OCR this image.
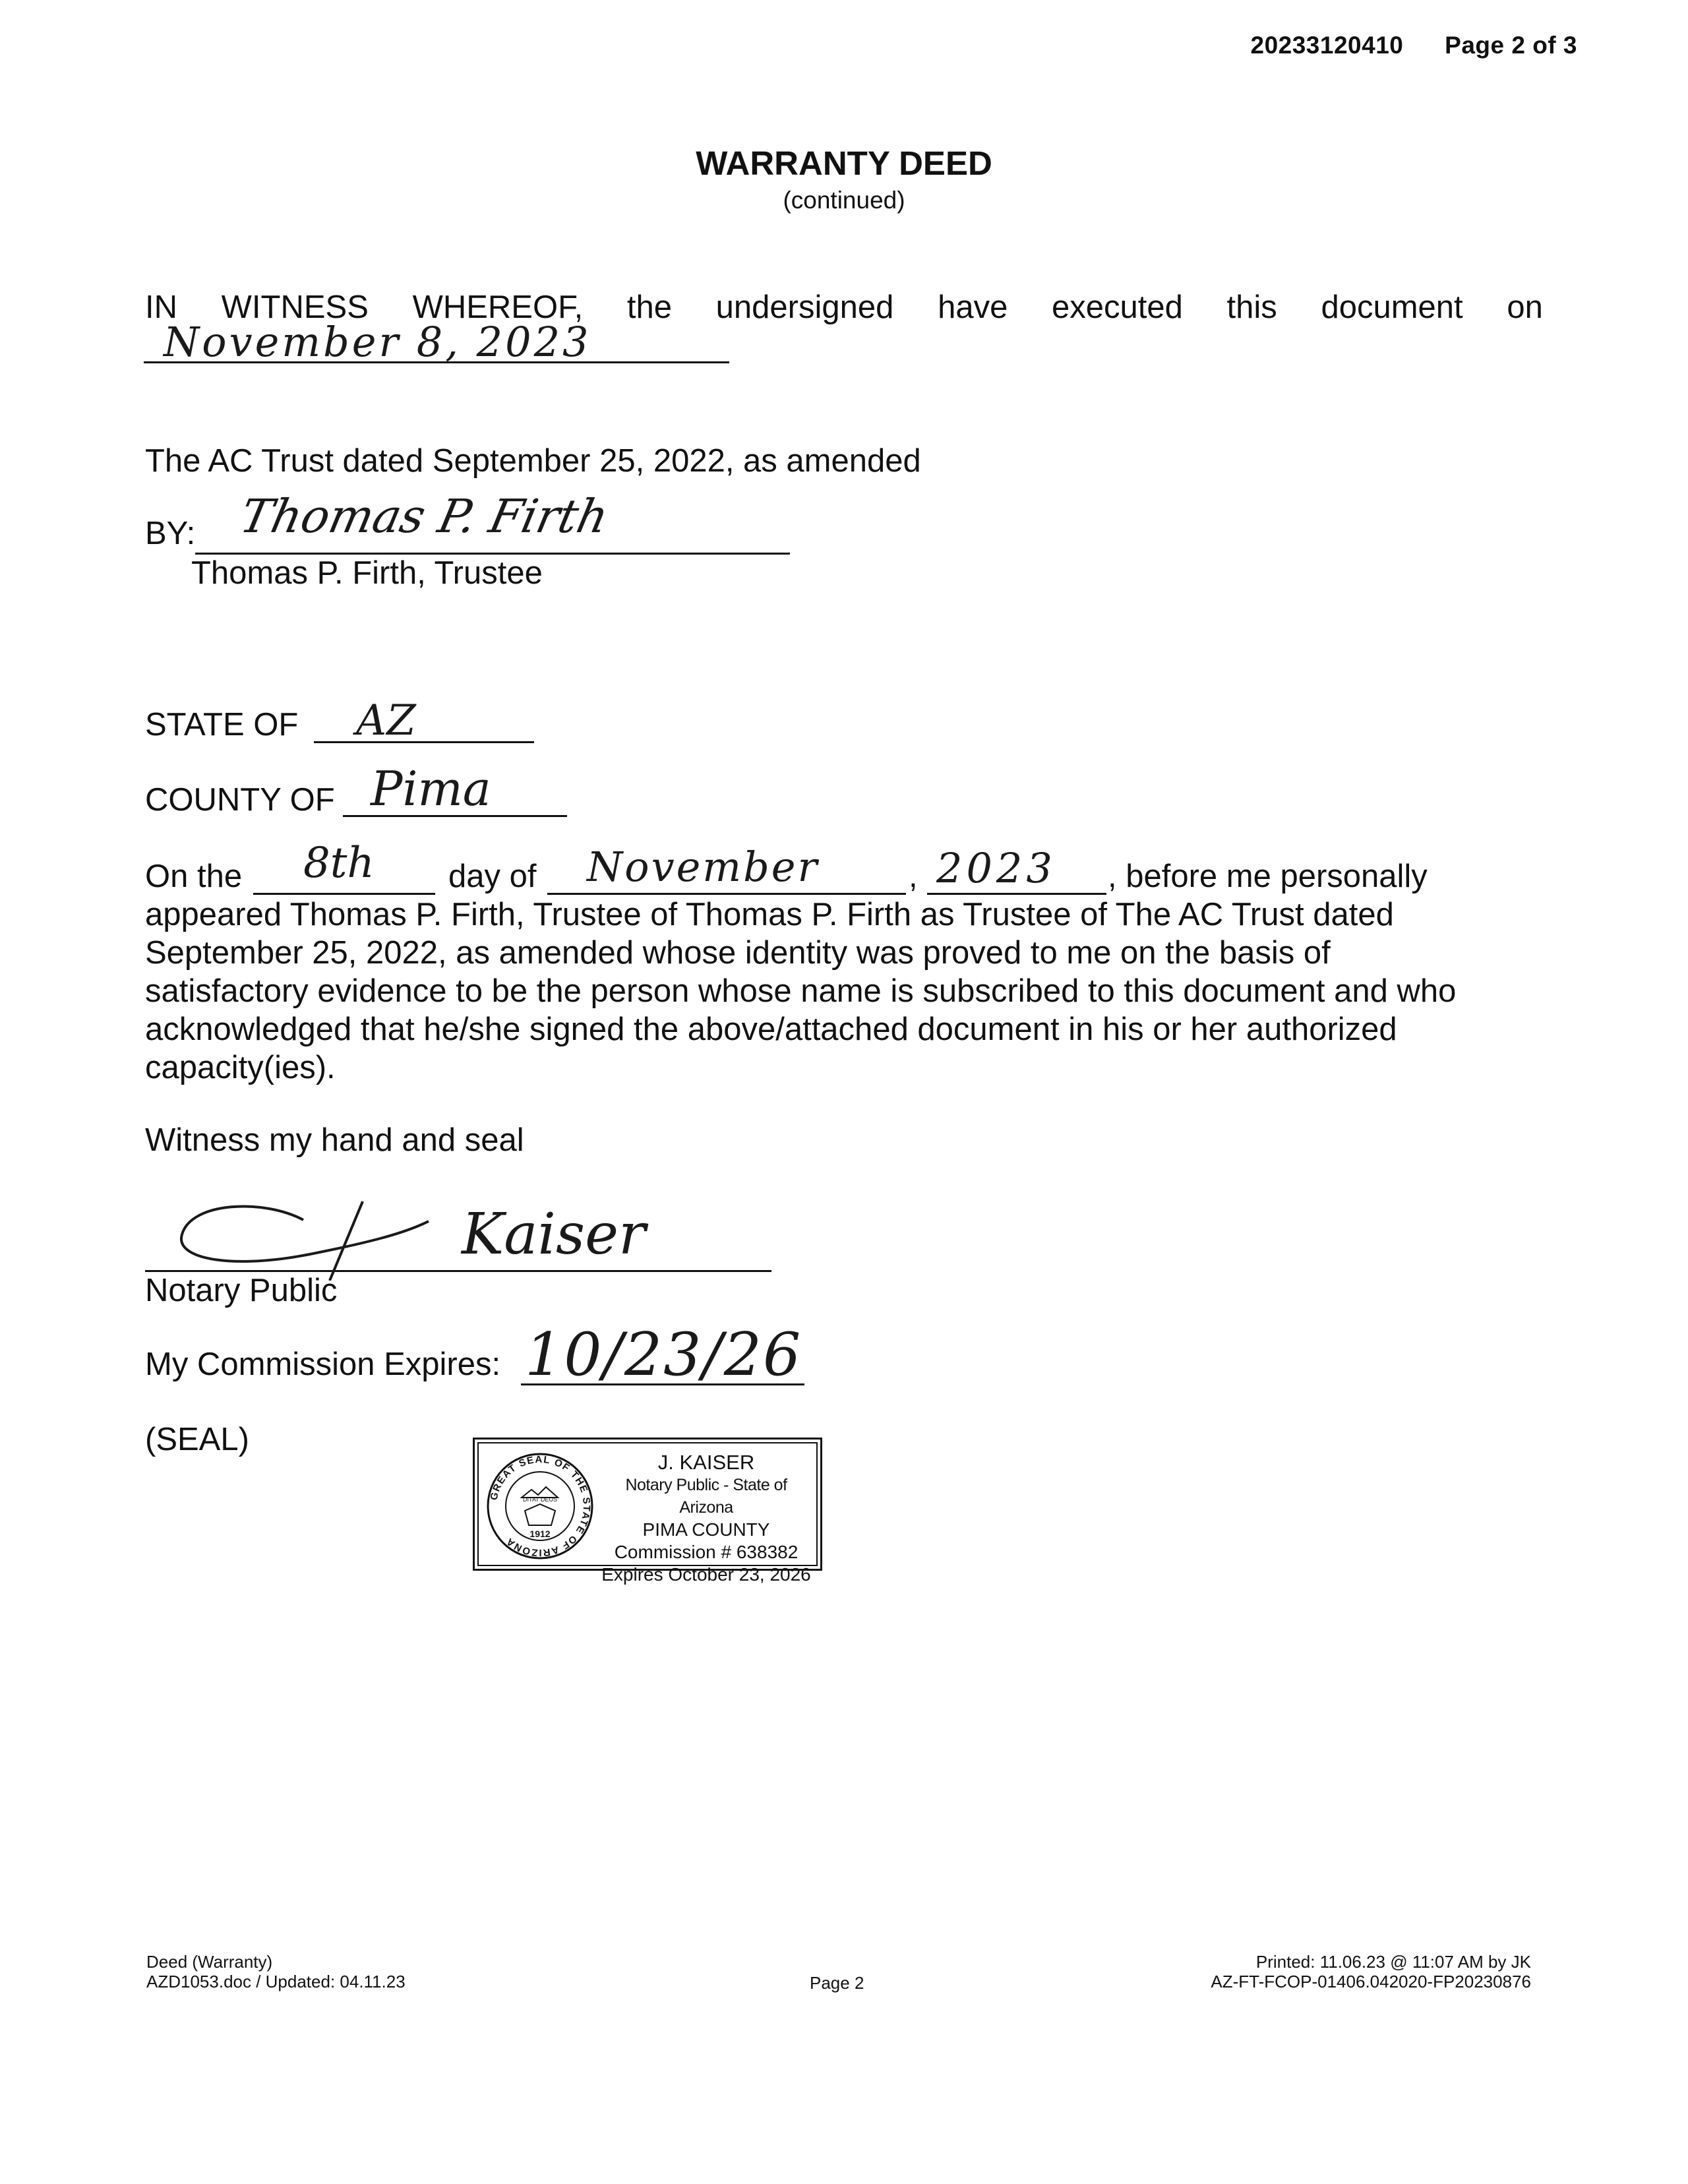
20233120410 Page 2 of 3
WARRANTY DEED
(continued)
IN WITNESS WHEREOF, the undersigned have executed this document on
November 8, 2023
The AC Trust dated September 25, 2022, as amended
BY: Thomas P. Firth
Thomas P. Firth, Trustee
STATE OF AZ
COUNTY OF Pima
On the 8th day of November	, 2023 , before me personally
appeared Thomas P. Firth, Trustee of Thomas P. Firth as Trustee of The AC Trust dated
September 25, 2022, as amended whose identity was proved to me on the basis of
satisfactory evidence to be the person whose name is subscribed to this document and who
acknowledged that he/she signed the above/attached document in his or her authorized
capacity(ies).
Witness my hand and seal
Kaiser
Notary Public
My Commission Expires: 10/23/26
(SEAL)
GREAT SEAL OF THE STATE OF ARIZONA
DITAT DEUS
1912
J. KAISER
Notary Public - State of Arizona
PIMA COUNTY
Commission # 638382
Expires October 23, 2026
Deed (Warranty)
AZD1053.doc / Updated: 04.11.23	Page 2
Printed: 11.06.23 @ 11:07 AM by JK
AZ-FT-FCOP-01406.042020-FP20230876
